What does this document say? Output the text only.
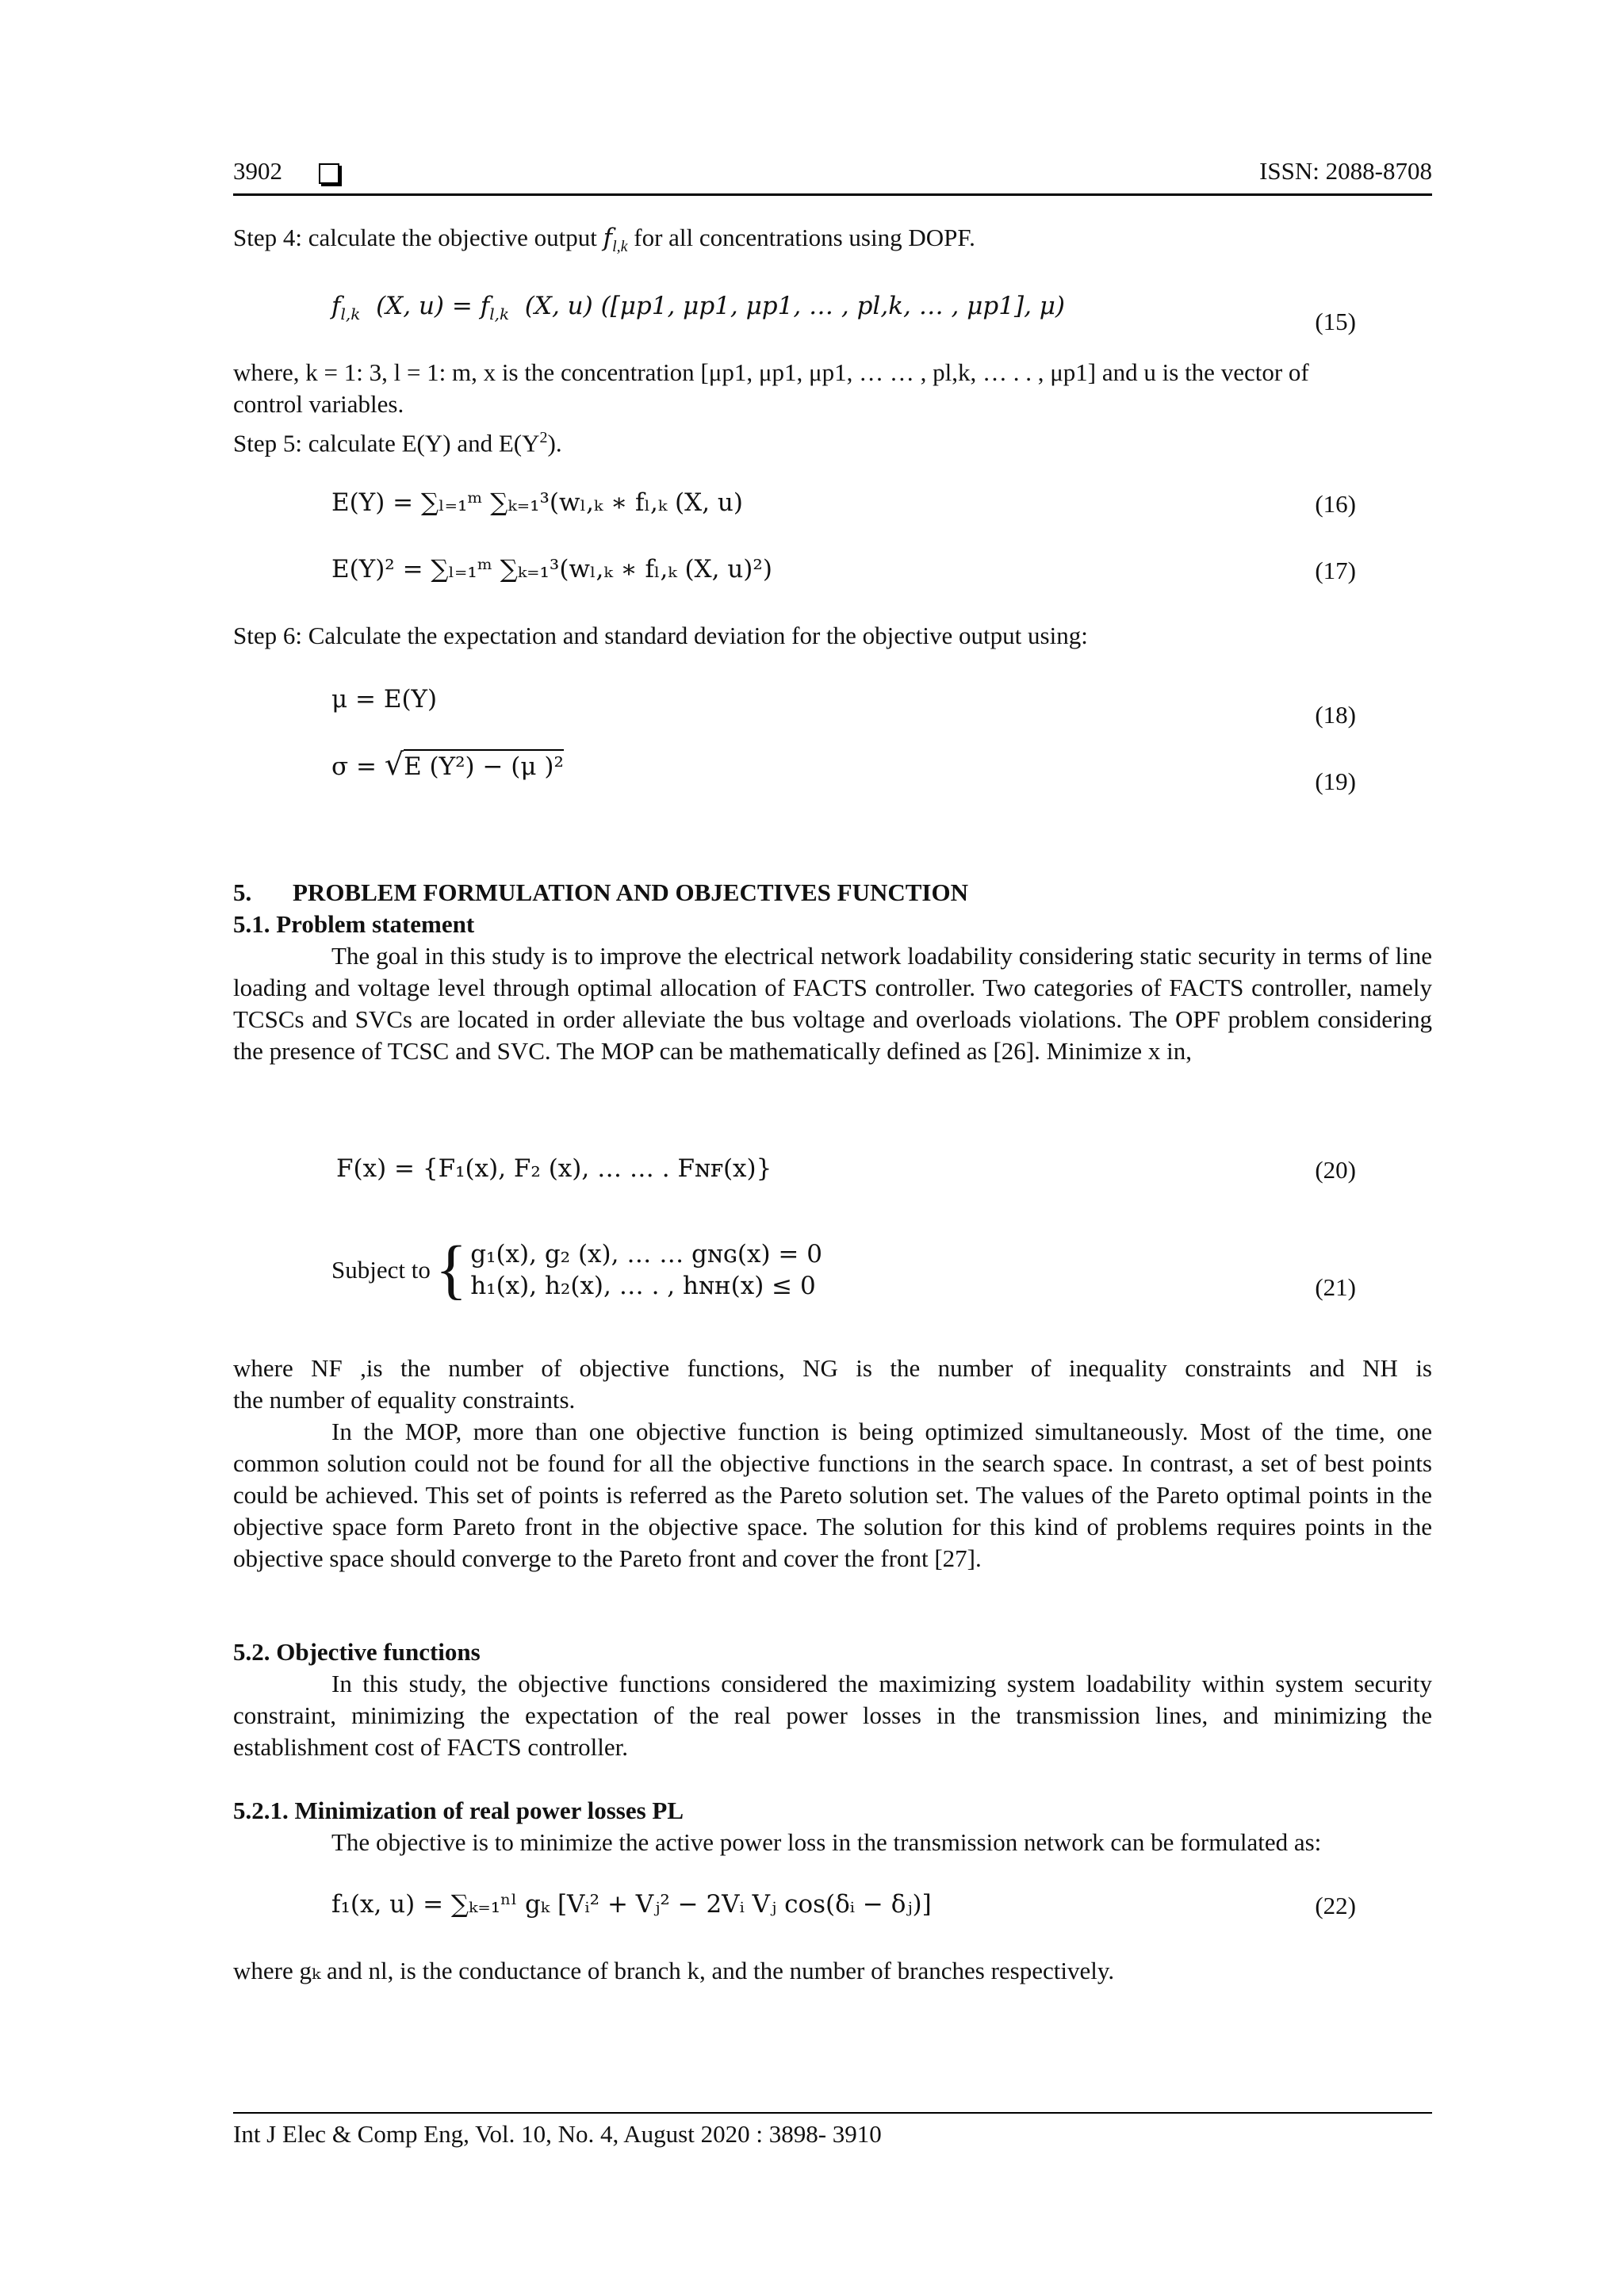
3902	ISSN: 2088-8708
Step 4: calculate the objective output $f_{l,k}$ for all concentrations using DOPF.
$f_{l,k}$ (X, $u) = f_{l,k}$ (X, u) ([μp1, μp1, μp1, … , pl,k, … , μp1], μ)
(15)
where, k = 1: 3, l = 1: m, x is the concentration [μp1, μp1, μp1, … … , pl,k, … . . , μp1] and u is the vector of
control variables.
Step 5: calculate E(Y) and $E(Y^2)$.
E(Y) = ∑ₗ₌₁ᵐ ∑ₖ₌₁³(wₗ,ₖ ∗ fₗ,ₖ (X, u)	(16)
E(Y)² = ∑ₗ₌₁ᵐ ∑ₖ₌₁³(wₗ,ₖ ∗ fₗ,ₖ (X, u)²)	(17)
Step 6: Calculate the expectation and standard deviation for the objective output using:
μ = E(Y)
(18)
σ = √E (Y²) − (μ )²
(19)
5. PROBLEM FORMULATION AND OBJECTIVES FUNCTION
5.1. Problem statement
The goal in this study is to improve the electrical network loadability considering static security in terms of line loading and voltage level through optimal allocation of FACTS controller. Two categories of FACTS controller, namely TCSCs and SVCs are located in order alleviate the bus voltage and overloads violations. The OPF problem considering the presence of TCSC and SVC. The MOP can be mathematically defined as [26]. Minimize x in,
F(x) = {F₁(x), F₂ (x), … … . Fɴꜰ(x)}	(20)
Subject to { g₁(x), g₂ (x), … … gɴɢ(x) = 0
h₁(x), h₂(x), … . , hɴʜ(x) ≤ 0	(21)
where NF ,is the number of objective functions, NG is the number of inequality constraints and NH is
the number of equality constraints.
In the MOP, more than one objective function is being optimized simultaneously. Most of the time, one common solution could not be found for all the objective functions in the search space. In contrast, a set of best points could be achieved. This set of points is referred as the Pareto solution set. The values of the Pareto optimal points in the objective space form Pareto front in the objective space. The solution for this kind of problems requires points in the objective space should converge to the Pareto front and cover the front [27].
5.2. Objective functions
In this study, the objective functions considered the maximizing system loadability within system security constraint, minimizing the expectation of the real power losses in the transmission lines, and minimizing the establishment cost of FACTS controller.
5.2.1. Minimization of real power losses PL
The objective is to minimize the active power loss in the transmission network can be formulated as:
f₁(x, u) = ∑ₖ₌₁ⁿˡ gₖ [Vᵢ² + Vⱼ² − 2Vᵢ Vⱼ cos(δᵢ − δⱼ)]	(22)
where gₖ and nl, is the conductance of branch k, and the number of branches respectively.
Int J Elec & Comp Eng, Vol. 10, No. 4, August 2020 : 3898- 3910
